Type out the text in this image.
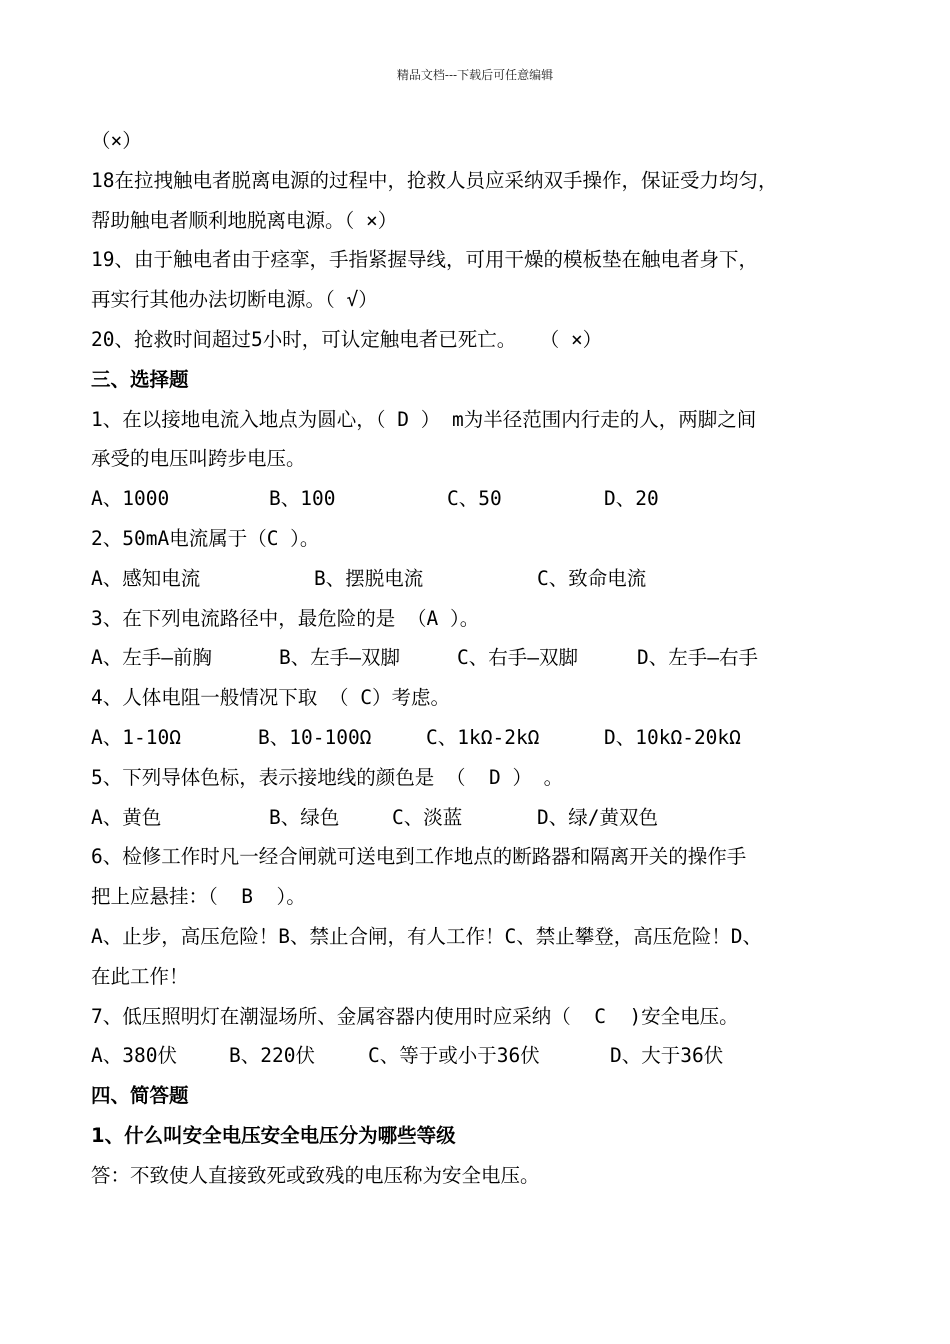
精品文档---下载后可任意编辑
（×）
18在拉拽触电者脱离电源的过程中，抢救人员应采纳双手操作，保证受力均匀，
帮助触电者顺利地脱离电源。（ ×）
19、由于触电者由于痉挛，手指紧握导线，可用干燥的模板垫在触电者身下，
再实行其他办法切断电源。（ √）
20、抢救时间超过5小时，可认定触电者已死亡。  （ ×）
三、选择题
1、在以接地电流入地点为圆心，（ D ） m为半径范围内行走的人，两脚之间
承受的电压叫跨步电压。
A、1000	B、100	C、50	D、20
2、50mA电流属于（C ）。
A、感知电流	B、摆脱电流	C、致命电流
3、在下列电流路径中，最危险的是 （A ）。
A、左手—前胸	B、左手—双脚	C、右手—双脚	D、左手—右手
4、人体电阻一般情况下取 （ C）考虑。
A、1-10Ω	B、10-100Ω	C、1kΩ-2kΩ	D、10kΩ-20kΩ
5、下列导体色标，表示接地线的颜色是 （  D ） 。
A、黄色	B、绿色	C、淡蓝	D、绿/黄双色
6、检修工作时凡一经合闸就可送电到工作地点的断路器和隔离开关的操作手
把上应悬挂：（  B  ）。
A、止步，高压危险！B、禁止合闸，有人工作！C、禁止攀登，高压危险！D、
在此工作！
7、低压照明灯在潮湿场所、金属容器内使用时应采纳（  C  )安全电压。
A、380伏	B、220伏	C、等于或小于36伏	D、大于36伏
四、简答题
1、什么叫安全电压安全电压分为哪些等级
答：不致使人直接致死或致残的电压称为安全电压。
